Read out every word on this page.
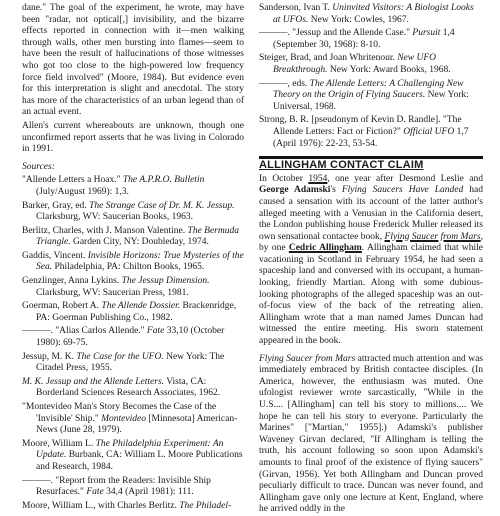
dane." The goal of the experiment, he wrote, may have been "radar, not optical[,] invisibility, and the bizarre effects reported in connection with it—men walking through walls, other men bursting into flames—seem to have been the result of hallucinations of those witnesses who got too close to the high-powered low frequency force field involved" (Moore, 1984). But evidence even for this interpretation is slight and anecdotal. The story has more of the characteristics of an urban legend than of an actual event.

Allen's current whereabouts are unknown, though one unconfirmed report asserts that he was living in Colorado in 1991.

Sources:

"Allende Letters a Hoax." The A.P.R.O. Bulletin (July/August 1969): 1,3.

Barker, Gray, ed. The Strange Case of Dr. M. K. Jessup. Clarksburg, WV: Saucerian Books, 1963.

Berlitz, Charles, with J. Manson Valentine. The Bermuda Triangle. Garden City, NY: Doubleday, 1974.

Gaddis, Vincent. Invisible Horizons: True Mysteries of the Sea. Philadelphia, PA: Chilton Books, 1965.

Genzlinger, Anna Lykins. The Jessup Dimension. Clarksburg, WV: Saucerian Press, 1981.

Goerman, Robert A. The Allende Dossier. Brackenridge, PA: Goerman Publishing Co., 1982.

———. "Alias Carlos Allende." Fate 33,10 (October 1980): 69-75.

Jessup, M. K. The Case for the UFO. New York: The Citadel Press, 1955.

M. K. Jessup and the Allende Letters. Vista, CA: Borderland Sciences Research Associates, 1962.

"Montevideo Man's Story Becomes the Case of the 'Invisible' Ship." Montevideo [Minnesota] American-News (June 28, 1979).

Moore, William L. The Philadelphia Experiment: An Update. Burbank, CA: William L. Moore Publications and Research, 1984.

———. "Report from the Readers: Invisible Ship Resurfaces." Fate 34,4 (April 1981): 111.

Moore, William L., with Charles Berlitz. The Philadel-

Sanderson, Ivan T. Uninvited Visitors: A Biologist Looks at UFOs. New York: Cowles, 1967.

———. "Jessup and the Allende Case." Pursuit 1,4 (September 30, 1968): 8-10.

Steiger, Brad, and Joan Whritenour. New UFO Breakthrough. New York: Award Books, 1968.

———, eds. The Allende Letters: A Challenging New Theory on the Origin of Flying Saucers. New York: Universal, 1968.

Strong, B. R. [pseudonym of Kevin D. Randle]. "The Allende Letters: Fact or Fiction?" Official UFO 1,7 (April 1976): 22-23, 53-54.

ALLINGHAM CONTACT CLAIM

In October 1954, one year after Desmond Leslie and George Adamski's Flying Saucers Have Landed had caused a sensation with its account of the latter author's alleged meeting with a Venusian in the California desert, the London publishing house Frederick Muller released its own sensational contactee book, Flying Saucer from Mars, by one Cedric Allingham. Allingham claimed that while vacationing in Scotland in February 1954, he had seen a spaceship land and conversed with its occupant, a human-looking, friendly Martian. Along with some dubious-looking photographs of the alleged spaceship was an out-of-focus view of the back of the retreating alien. Allingham wrote that a man named James Duncan had witnessed the entire meeting. His sworn statement appeared in the book.

Flying Saucer from Mars attracted much attention and was immediately embraced by British contactee disciples. (In America, however, the enthusiasm was muted. One ufologist reviewer wrote sarcastically, "While in the U.S.... [Allingham] can tell his story to millions.... We hope he can tell his story to everyone. Particularly the Marines" ["Martian," 1955].) Adamski's publisher Waveney Girvan declared, "If Allingham is telling the truth, his account following so soon upon Adamski's amounts to final proof of the existence of flying saucers" (Girvan, 1956). Yet both Allingham and Duncan proved peculiarly difficult to trace. Duncan was never found, and Allingham gave only one lecture at Kent, England, where he arrived oddly in the
